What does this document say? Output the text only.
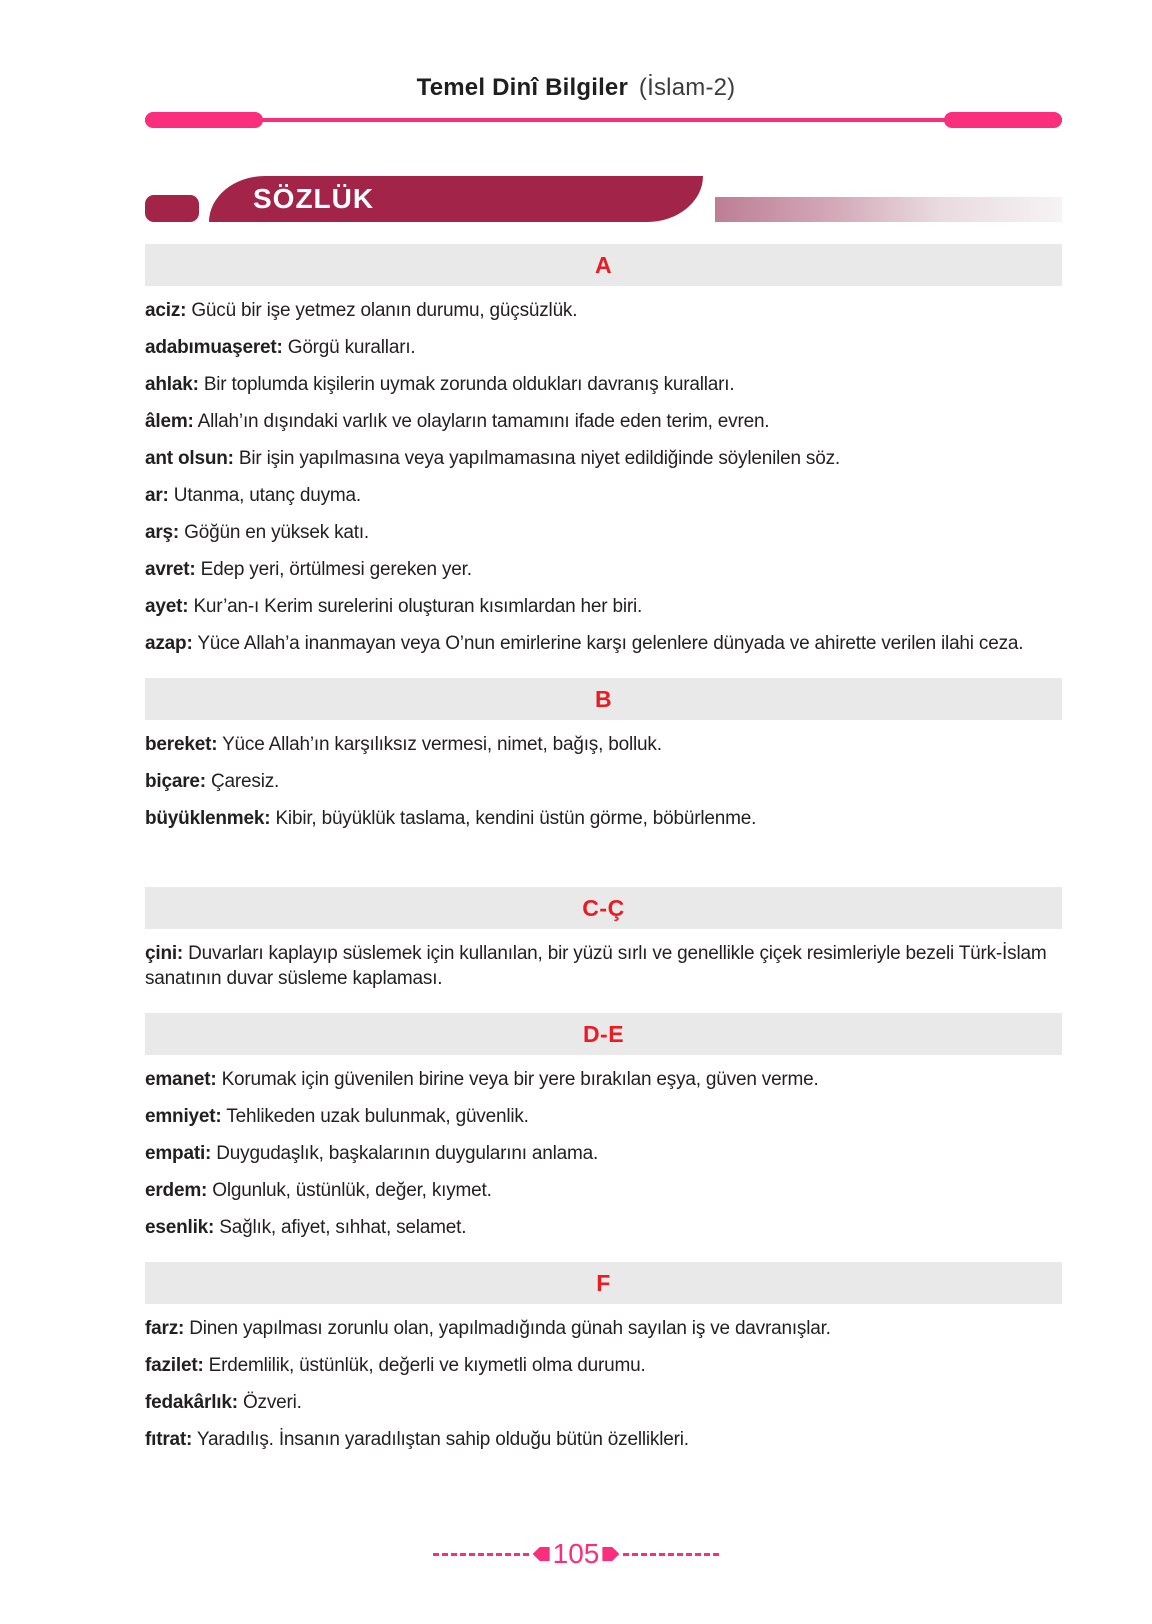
Temel Dinî Bilgiler (İslam-2)
SÖZLÜK
A

aciz: Gücü bir işe yetmez olanın durumu, güçsüzlük.

adabımuaşeret: Görgü kuralları.

ahlak: Bir toplumda kişilerin uymak zorunda oldukları davranış kuralları.

âlem: Allah’ın dışındaki varlık ve olayların tamamını ifade eden terim, evren.

ant olsun: Bir işin yapılmasına veya yapılmamasına niyet edildiğinde söylenilen söz.

ar: Utanma, utanç duyma.

arş: Göğün en yüksek katı.

avret: Edep yeri, örtülmesi gereken yer.

ayet: Kur’an-ı Kerim surelerini oluşturan kısımlardan her biri.

azap: Yüce Allah’a inanmayan veya O’nun emirlerine karşı gelenlere dünyada ve ahirette verilen ilahi ceza.

B

bereket: Yüce Allah’ın karşılıksız vermesi, nimet, bağış, bolluk.

biçare: Çaresiz.

büyüklenmek: Kibir, büyüklük taslama, kendini üstün görme, böbürlenme.

C-Ç

çini: Duvarları kaplayıp süslemek için kullanılan, bir yüzü sırlı ve genellikle çiçek resimleriyle bezeli Türk-İslam sanatının duvar süsleme kaplaması.

D-E

emanet: Korumak için güvenilen birine veya bir yere bırakılan eşya, güven verme.

emniyet: Tehlikeden uzak bulunmak, güvenlik.

empati: Duygudaşlık, başkalarının duygularını anlama.

erdem: Olgunluk, üstünlük, değer, kıymet.

esenlik: Sağlık, afiyet, sıhhat, selamet.

F

farz: Dinen yapılması zorunlu olan, yapılmadığında günah sayılan iş ve davranışlar.

fazilet: Erdemlilik, üstünlük, değerli ve kıymetli olma durumu.

fedakârlık: Özveri.

fıtrat: Yaradılış. İnsanın yaradılıştan sahip olduğu bütün özellikleri.

105
